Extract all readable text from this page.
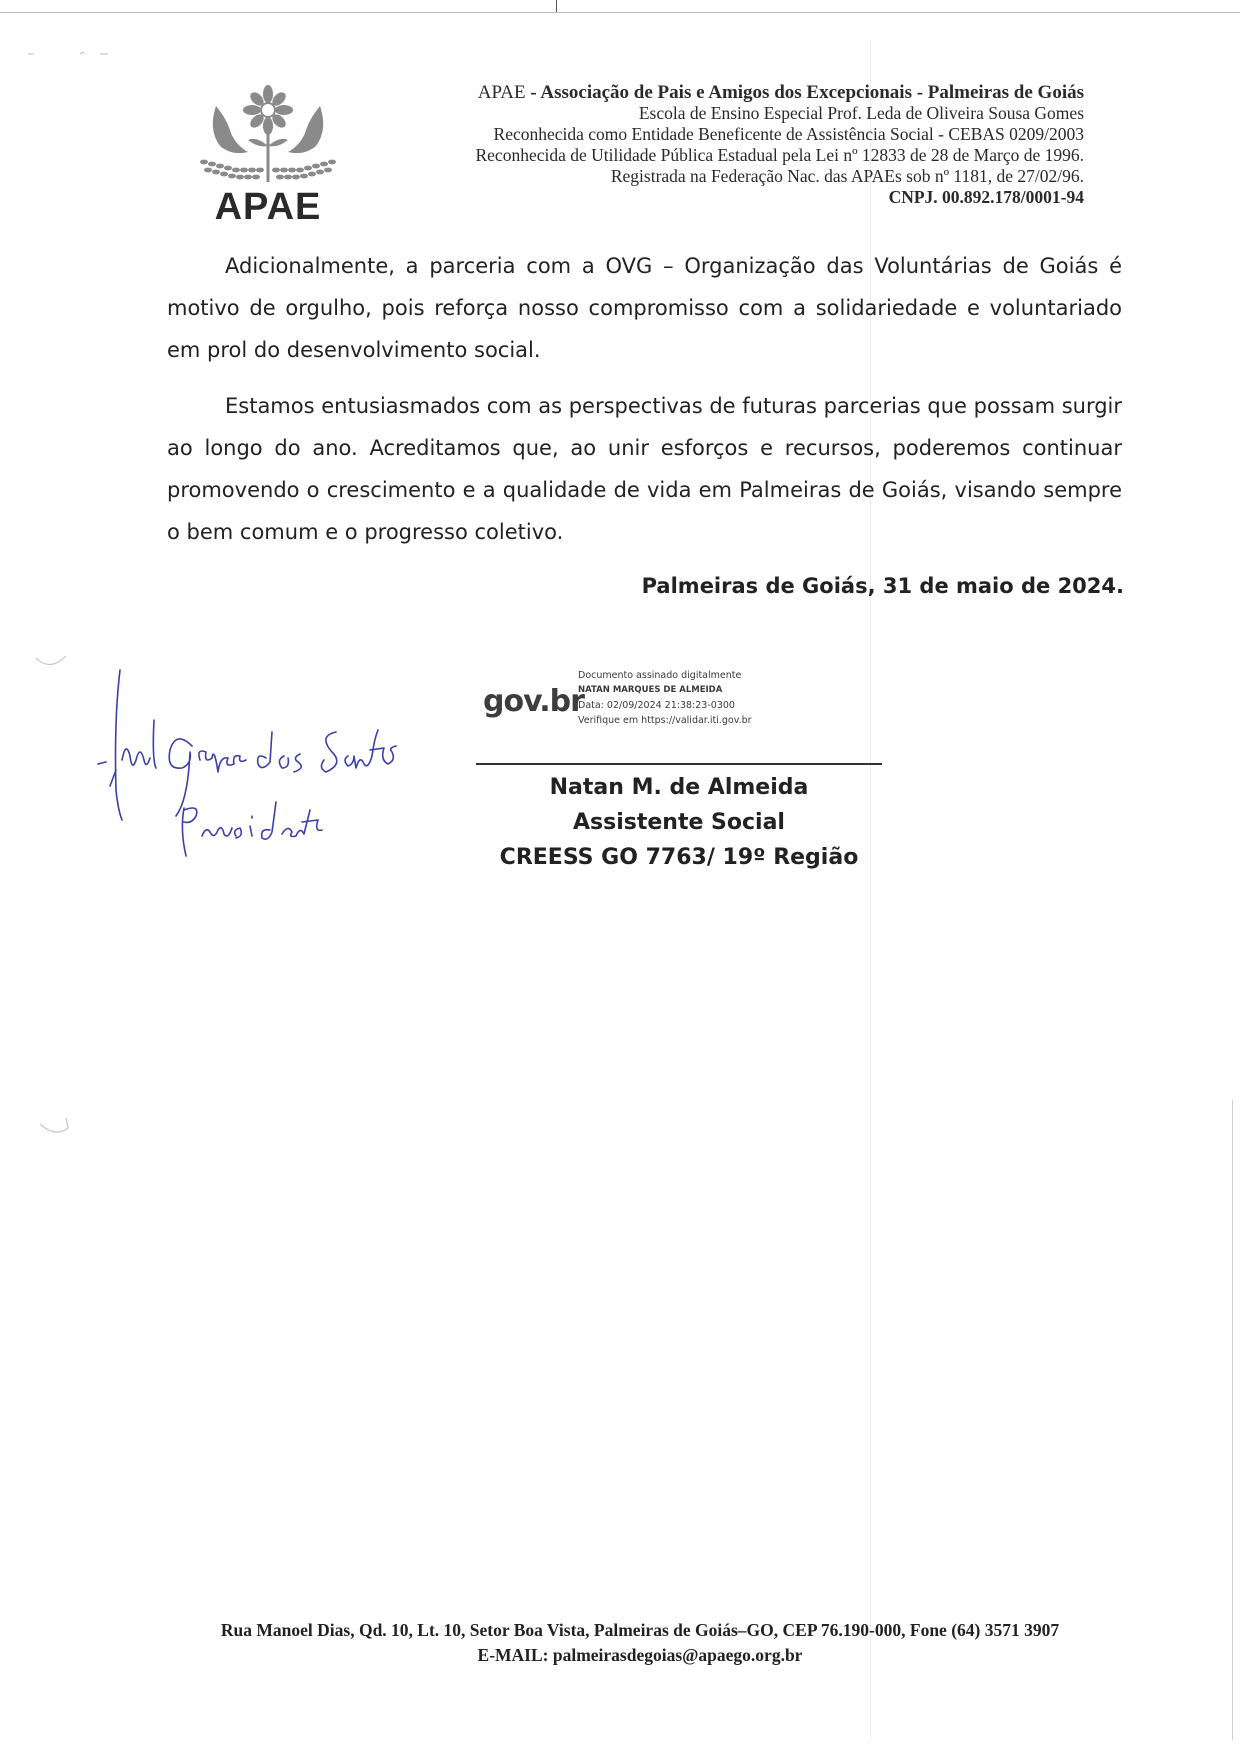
APAE
APAE - Associação de Pais e Amigos dos Excepcionais - Palmeiras de Goiás
Escola de Ensino Especial Prof. Leda de Oliveira Sousa Gomes
Reconhecida como Entidade Beneficente de Assistência Social - CEBAS 0209/2003
Reconhecida de Utilidade Pública Estadual pela Lei nº 12833 de 28 de Março de 1996.
Registrada na Federação Nac. das APAEs sob nº 1181, de 27/02/96.
CNPJ. 00.892.178/0001-94

Adicionalmente, a parceria com a OVG – Organização das Voluntárias de Goiás é motivo de orgulho, pois reforça nosso compromisso com a solidariedade e voluntariado em prol do desenvolvimento social.

Estamos entusiasmados com as perspectivas de futuras parcerias que possam surgir ao longo do ano. Acreditamos que, ao unir esforços e recursos, poderemos continuar promovendo o crescimento e a qualidade de vida em Palmeiras de Goiás, visando sempre o bem comum e o progresso coletivo.

Palmeiras de Goiás, 31 de maio de 2024.
gov.br
Documento assinado digitalmente
NATAN MARQUES DE ALMEIDA
Data: 02/09/2024 21:38:23-0300
Verifique em https://validar.iti.gov.br
Natan M. de Almeida
Assistente Social
CREESS GO 7763/ 19º Região
Rua Manoel Dias, Qd. 10, Lt. 10, Setor Boa Vista, Palmeiras de Goiás–GO, CEP 76.190-000, Fone (64) 3571 3907
E-MAIL: palmeirasdegoias@apaego.org.br
